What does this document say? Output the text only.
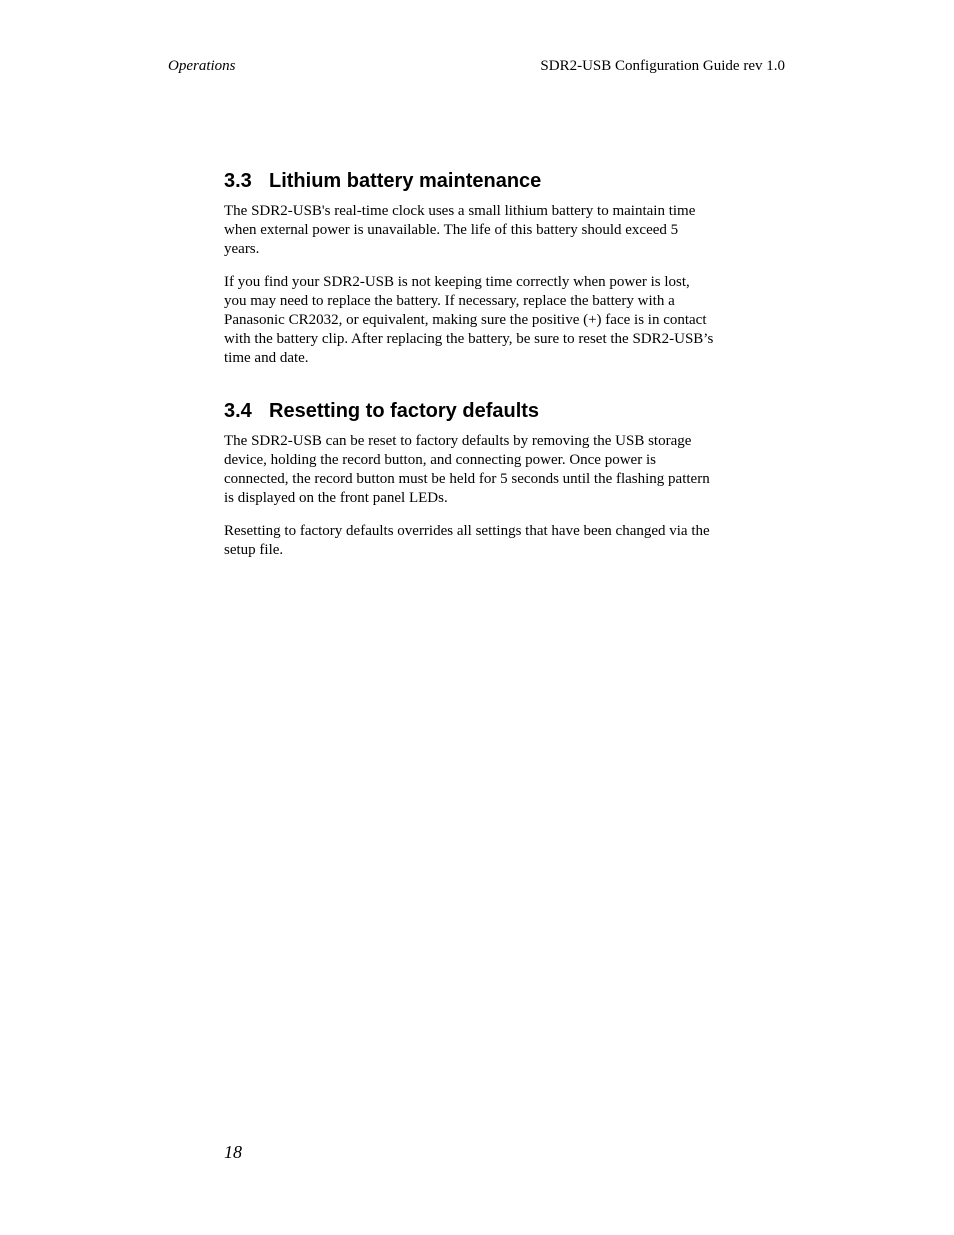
Operations	SDR2-USB Configuration Guide rev 1.0
3.3 Lithium battery maintenance

The SDR2-USB's real-time clock uses a small lithium battery to maintain time when external power is unavailable. The life of this battery should exceed 5 years.

If you find your SDR2-USB is not keeping time correctly when power is lost, you may need to replace the battery. If necessary, replace the battery with a Panasonic CR2032, or equivalent, making sure the positive (+) face is in contact with the battery clip. After replacing the battery, be sure to reset the SDR2-USB’s time and date.

3.4 Resetting to factory defaults

The SDR2-USB can be reset to factory defaults by removing the USB storage device, holding the record button, and connecting power. Once power is connected, the record button must be held for 5 seconds until the flashing pattern is displayed on the front panel LEDs.

Resetting to factory defaults overrides all settings that have been changed via the setup file.

18
